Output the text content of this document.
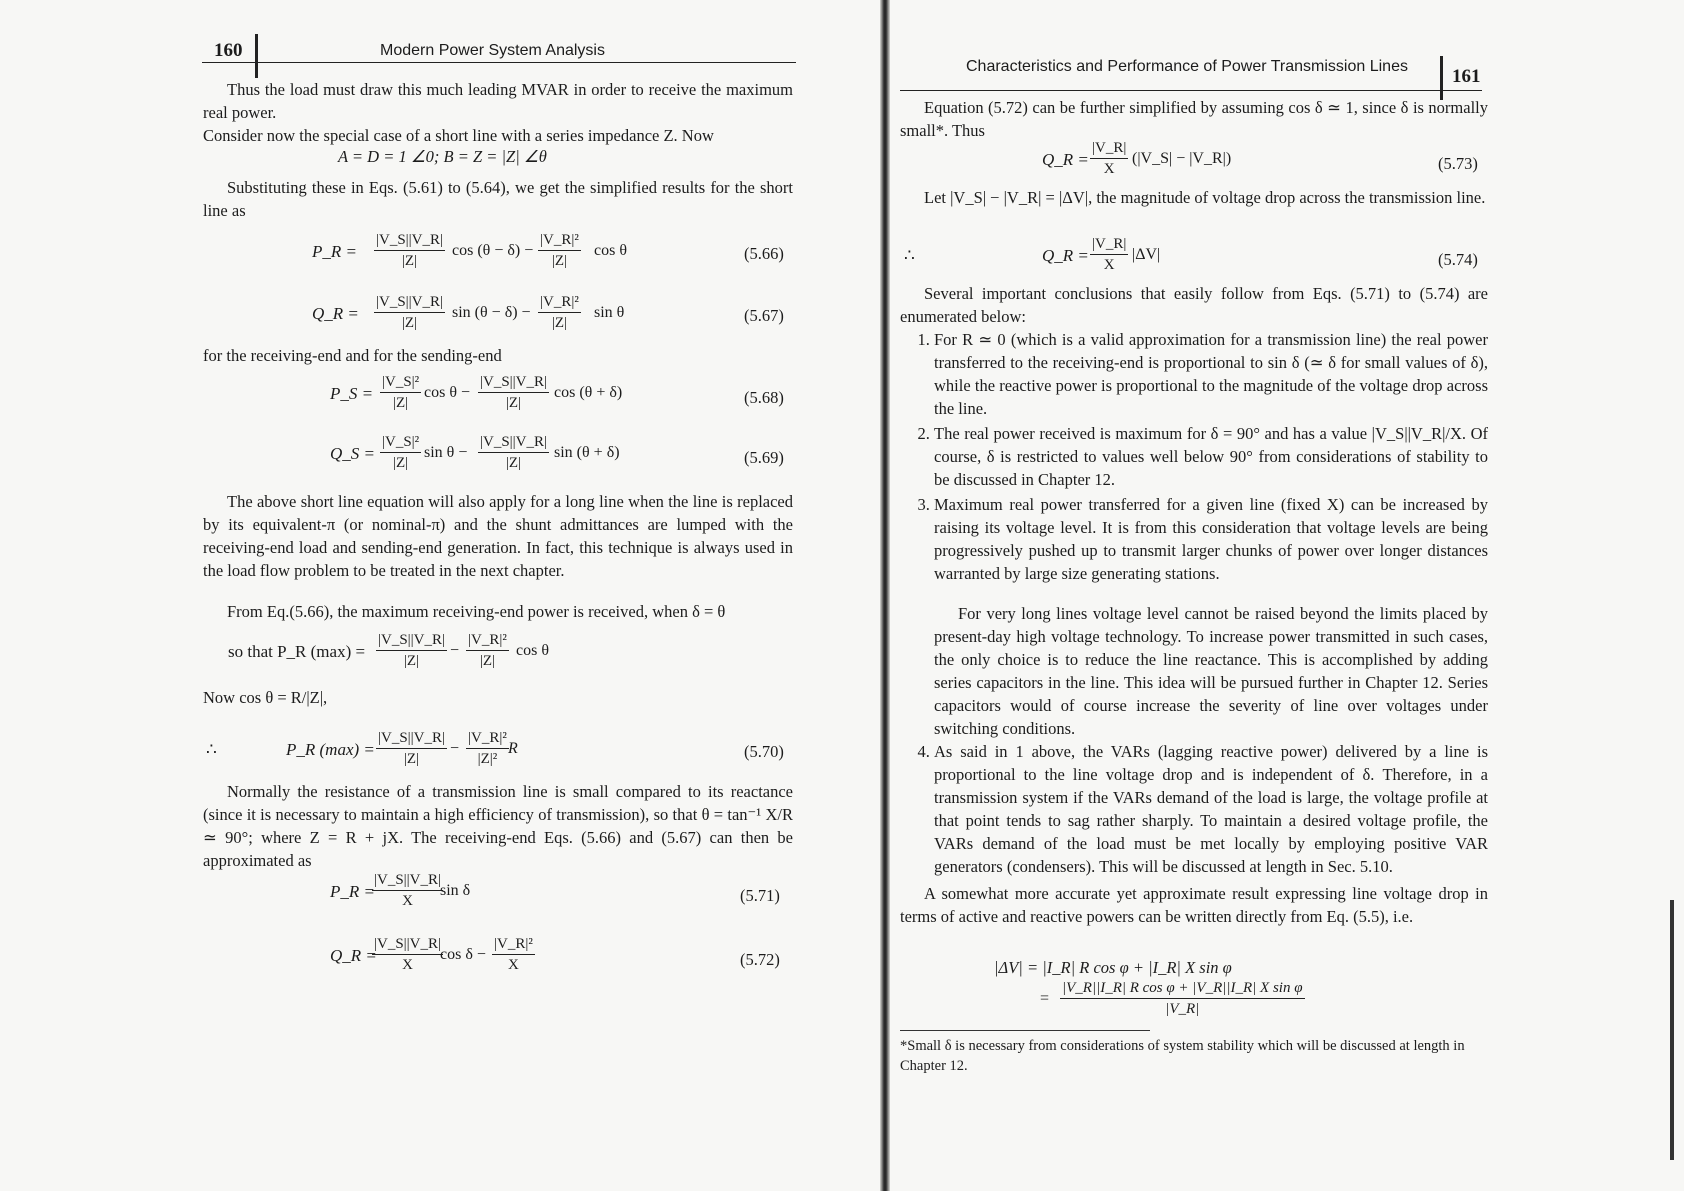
160	Modern Power System Analysis
Thus the load must draw this much leading MVAR in order to receive the maximum real power.
Consider now the special case of a short line with a series impedance Z. Now
A = D = 1 ∠0; B = Z = |Z| ∠θ
Substituting these in Eqs. (5.61) to (5.64), we get the simplified results for the short line as
P_R = $\frac{|V\_S||V\_R|}{|Z|}$ $\cos (\theta - \delta) - \frac{\text{|V\_R|²}}{|Z|}$ cos θ	(5.66)
Q_R = $\frac{|V\_S||V\_R|}{|Z|}$ $\sin (\theta - \delta) - \frac{\text{|V\_R|²}}{|Z|}$ sin θ	(5.67)
for the receiving-end and for the sending-end
P_S = $\frac{\text{|V\_S|²}}{|Z|}$ $\cos \theta - \frac{|V\_S||V\_R|}{|Z|}$ cos (θ + δ)	(5.68)
Q_S = $\frac{\text{|V\_S|²}}{|Z|}$ $\sin \theta - \frac{|V\_S||V\_R|}{|Z|}$ sin (θ + δ)	(5.69)
The above short line equation will also apply for a long line when the line is replaced by its equivalent-π (or nominal-π) and the shunt admittances are lumped with the receiving-end load and sending-end generation. In fact, this technique is always used in the load flow problem to be treated in the next chapter.
From Eq.(5.66), the maximum receiving-end power is received, when δ = θ
so that P_R $(\max) = \frac{|V\_S||V\_R|}{|Z|} - \frac{\text{|V\_R|²}}{|Z|}$ cos θ
Now cos θ = R/|Z|,
∴	P_R $(\max) = \frac{|V\_S||V\_R|}{|Z|} - \frac{\text{|V\_R|²}}{\text{|Z|²}}$ R	(5.70)
Normally the resistance of a transmission line is small compared to its reactance (since it is necessary to maintain a high efficiency of transmission), so that θ = tan⁻¹ X/R ≃ 90°; where Z = R + jX. The receiving-end Eqs. (5.66) and (5.67) can then be approximated as
P_R =
$\frac{|V\_S||V\_R|}{X}$
sin δ	(5.71)
Q_R =
$\frac{|V\_S||V\_R|}{X}$
$\cos \delta - \frac{\text{|V\_R|²}}{X}$	(5.72)
Characteristics and Performance of Power Transmission Lines 161
Equation (5.72) can be further simplified by assuming cos δ ≃ 1, since δ is normally small*. Thus
Q_R = $\frac{|V\_R|}{X}$ (|V_S| − |V_R|)	(5.73)
Let |V_S| − |V_R| = |ΔV|, the magnitude of voltage drop across the transmission line.
∴	Q_R = $\frac{|V\_R|}{X} |\Delta V|$	(5.74)
Several important conclusions that easily follow from Eqs. (5.71) to (5.74) are enumerated below:
1. For R ≃ 0 (which is a valid approximation for a transmission line) the real power transferred to the receiving-end is proportional to sin δ (≃ δ for small values of δ), while the reactive power is proportional to the magnitude of the voltage drop across the line.
2. The real power received is maximum for δ = 90° and has a value |V_S||V_R|/X. Of course, δ is restricted to values well below 90° from considerations of stability to be discussed in Chapter 12.
3. Maximum real power transferred for a given line (fixed X) can be increased by raising its voltage level. It is from this consideration that voltage levels are being progressively pushed up to transmit larger chunks of power over longer distances warranted by large size generating stations.
For very long lines voltage level cannot be raised beyond the limits placed by present-day high voltage technology. To increase power transmitted in such cases, the only choice is to reduce the line reactance. This is accomplished by adding series capacitors in the line. This idea will be pursued further in Chapter 12. Series capacitors would of course increase the severity of line over voltages under switching conditions.
4. As said in 1 above, the VARs (lagging reactive power) delivered by a line is proportional to the line voltage drop and is independent of δ. Therefore, in a transmission system if the VARs demand of the load is large, the voltage profile at that point tends to sag rather sharply. To maintain a desired voltage profile, the VARs demand of the load must be met locally by employing positive VAR generators (condensers). This will be discussed at length in Sec. 5.10.
A somewhat more accurate yet approximate result expressing line voltage drop in terms of active and reactive powers can be written directly from Eq. (5.5), i.e.
|ΔV| = |I_R| R cos φ + |I_R| X sin φ
= $\frac{\text{|V\_R||I\_R| R cos φ + |V\_R||I\_R| X sin φ}}{|V\_R|}$
*Small δ is necessary from considerations of system stability which will be discussed at length in Chapter 12.
